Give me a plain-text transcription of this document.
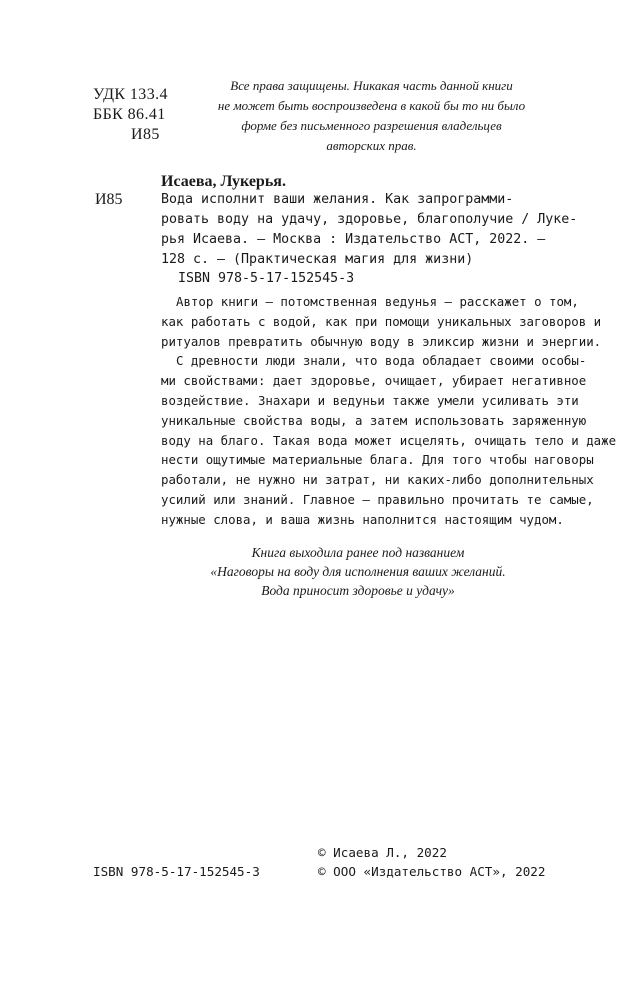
УДК 133.4
ББК 86.41
И85
Все права защищены. Никакая часть данной книги
не может быть воспроизведена в какой бы то ни было
форме без письменного разрешения владельцев
авторских прав.
Исаева, Лукерья.
И85	Вода исполнит ваши желания. Как запрограмми-
ровать воду на удачу, здоровье, благополучие / Луке-
рья Исаева. — Москва : Издательство АСТ, 2022. —
128 с. — (Практическая магия для жизни)
ISBN 978-5-17-152545-3
Автор книги — потомственная ведунья – расскажет о том,
как работать с водой, как при помощи уникальных заговоров и
ритуалов превратить обычную воду в эликсир жизни и энергии.
С древности люди знали, что вода обладает своими особы-
ми свойствами: дает здоровье, очищает, убирает негативное
воздействие. Знахари и ведуньи также умели усиливать эти
уникальные свойства воды, а затем использовать заряженную
воду на благо. Такая вода может исцелять, очищать тело и даже
нести ощутимые материальные блага. Для того чтобы наговоры
работали, не нужно ни затрат, ни каких-либо дополнительных
усилий или знаний. Главное — правильно прочитать те самые,
нужные слова, и ваша жизнь наполнится настоящим чудом.
Книга выходила ранее под названием
«Наговоры на воду для исполнения ваших желаний.
Вода приносит здоровье и удачу»
© Исаева Л., 2022
© ООО «Издательство АСТ», 2022
ISBN 978-5-17-152545-3
